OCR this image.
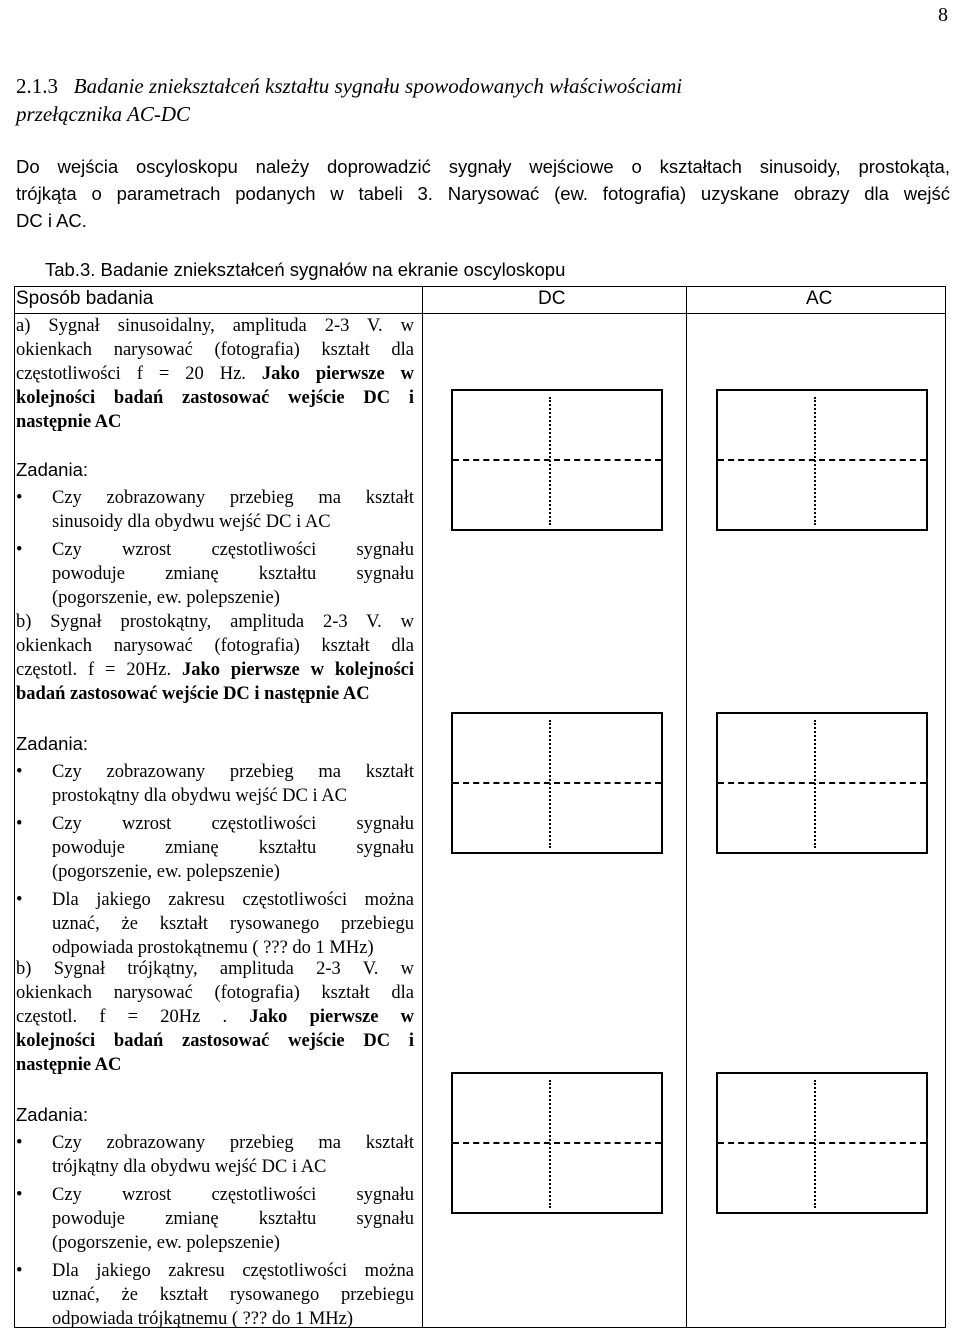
8
2.1.3 Badanie zniekształceń kształtu sygnału spowodowanych właściwościami
przełącznika AC-DC
Do wejścia oscyloskopu należy doprowadzić sygnały wejściowe o kształtach sinusoidy, prostokąta,
trójkąta o parametrach podanych w tabeli 3. Narysować (ew. fotografia) uzyskane obrazy dla wejść
DC i AC.
Tab.3. Badanie zniekształceń sygnałów na ekranie oscyloskopu
Sposób badania	DC	AC
a) Sygnał sinusoidalny, amplituda 2-3 V. w
okienkach narysować (fotografia) kształt dla
częstotliwości f = 20 Hz. Jako pierwsze w
kolejności badań zastosować wejście DC i
następnie AC
Zadania:
• Czy zobrazowany przebieg ma kształt
sinusoidy dla obydwu wejść DC i AC
• Czy wzrost częstotliwości sygnału
powoduje zmianę kształtu sygnału
(pogorszenie, ew. polepszenie)
b) Sygnał prostokątny, amplituda 2-3 V. w
okienkach narysować (fotografia) kształt dla
częstotl. f = 20Hz. Jako pierwsze w kolejności
badań zastosować wejście DC i następnie AC
Zadania:
• Czy zobrazowany przebieg ma kształt
prostokątny dla obydwu wejść DC i AC
• Czy wzrost częstotliwości sygnału
powoduje zmianę kształtu sygnału
(pogorszenie, ew. polepszenie)
• Dla jakiego zakresu częstotliwości można
uznać, że kształt rysowanego przebiegu
odpowiada prostokątnemu ( ??? do 1 MHz)
b) Sygnał trójkątny, amplituda 2-3 V. w
okienkach narysować (fotografia) kształt dla
częstotl. f = 20Hz . Jako pierwsze w
kolejności badań zastosować wejście DC i
następnie AC
Zadania:
• Czy zobrazowany przebieg ma kształt
trójkątny dla obydwu wejść DC i AC
• Czy wzrost częstotliwości sygnału
powoduje zmianę kształtu sygnału
(pogorszenie, ew. polepszenie)
• Dla jakiego zakresu częstotliwości można
uznać, że kształt rysowanego przebiegu
odpowiada trójkątnemu ( ??? do 1 MHz)
